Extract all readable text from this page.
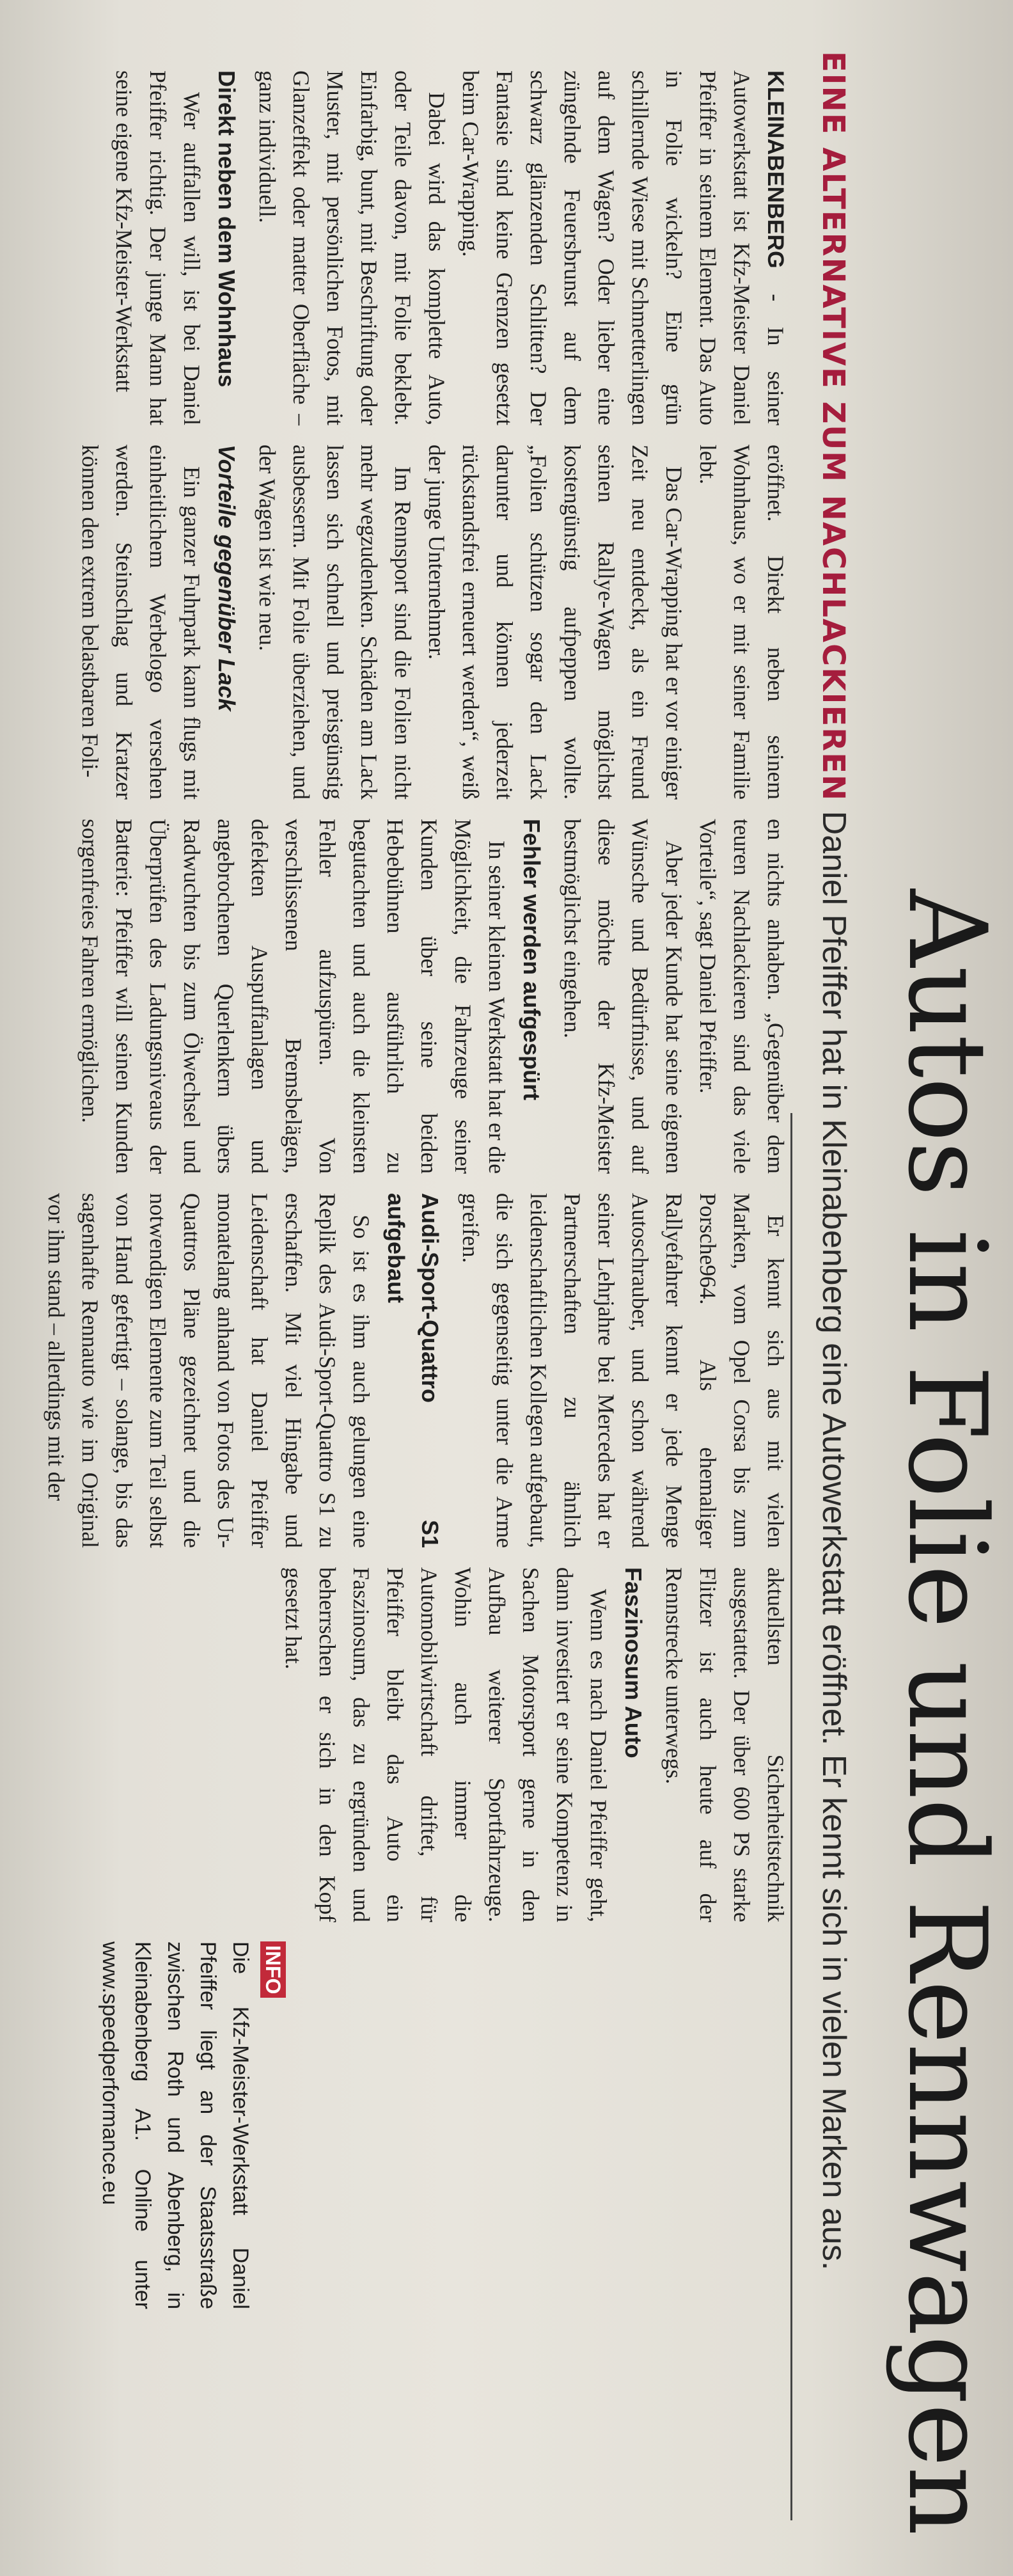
Autos in Folie und Rennwagen
EINE ALTERNATIVE ZUM NACHLACKIEREN Daniel Pfeiffer hat in Kleinabenberg eine Autowerkstatt eröffnet. Er kennt sich in vielen Marken aus.

KLEINABENBERG - In seiner Autowerkstatt ist Kfz-Meister Daniel Pfeiffer in seinem Element. Das Auto in Folie wickeln? Eine grün schillernde Wiese mit Schmetterlingen auf dem Wagen? Oder lieber eine züngelnde Feuersbrunst auf dem schwarz glänzenden Schlitten? Der Fantasie sind keine Grenzen gesetzt beim Car-Wrapping.

Dabei wird das komplette Auto, oder Teile davon, mit Folie beklebt. Einfarbig, bunt, mit Beschriftung oder Muster, mit persönlichen Fotos, mit Glanzeffekt oder matter Oberfläche – ganz individuell.

Direkt neben dem Wohnhaus

Wer auffallen will, ist bei Daniel Pfeiffer richtig. Der junge Mann hat seine eigene Kfz-Meister-Werkstatt

eröffnet. Direkt neben seinem Wohnhaus, wo er mit seiner Familie lebt.

Das Car-Wrapping hat er vor einiger Zeit neu entdeckt, als ein Freund seinen Rallye-Wagen möglichst kostengünstig aufpeppen wollte. „Folien schützen sogar den Lack darunter und können jederzeit rückstandsfrei erneuert werden“, weiß der junge Unternehmer.

Im Rennsport sind die Folien nicht mehr wegzudenken. Schäden am Lack lassen sich schnell und preisgünstig ausbessern. Mit Folie überziehen, und der Wagen ist wie neu.

Vorteile gegenüber Lack

Ein ganzer Fuhrpark kann flugs mit einheitlichem Werbelogo versehen werden. Steinschlag und Kratzer können den extrem belastbaren Foli-

en nichts anhaben. „Gegenüber dem teuren Nachlackieren sind das viele Vorteile“, sagt Daniel Pfeiffer.

Aber jeder Kunde hat seine eigenen Wünsche und Bedürfnisse, und auf diese möchte der Kfz-Meister bestmöglichst eingehen.

Fehler werden aufgespürt

In seiner kleinen Werkstatt hat er die Möglichkeit, die Fahrzeuge seiner Kunden über seine beiden Hebebühnen ausführlich zu begutachten und auch die kleinsten Fehler aufzuspüren. Von verschlissenen Bremsbelägen, defekten Auspuffanlagen und angebrochenen Querlenkern übers Radwuchten bis zum Ölwechsel und Überprüfen des Ladungsniveaus der Batterie: Pfeiffer will seinen Kunden sorgenfreies Fahren ermöglichen.

Er kennt sich aus mit vielen Marken, vom Opel Corsa bis zum Porsche964. Als ehemaliger Rallyefahrer kennt er jede Menge Autoschrauber, und schon während seiner Lehrjahre bei Mercedes hat er Partnerschaften zu ähnlich leidenschaftlichen Kollegen aufgebaut, die sich gegenseitig unter die Arme greifen.

Audi-Sport-Quattro S1 aufgebaut

So ist es ihm auch gelungen eine Replik des Audi-Sport-Quattro S1 zu erschaffen. Mit viel Hingabe und Leidenschaft hat Daniel Pfeiffer monatelang anhand von Fotos des Ur-Quattros Pläne gezeichnet und die notwendigen Elemente zum Teil selbst von Hand gefertigt – solange, bis das sagenhafte Rennauto wie im Original vor ihm stand – allerdings mit der

aktuellsten Sicherheitstechnik ausgestattet. Der über 600 PS starke Flitzer ist auch heute auf der Rennstrecke unterwegs.

Faszinosum Auto

Wenn es nach Daniel Pfeiffer geht, dann investiert er seine Kompetenz in Sachen Motorsport gerne in den Aufbau weiterer Sportfahrzeuge. Wohin auch immer die Automobilwirtschaft driftet, für Pfeiffer bleibt das Auto ein Faszinosum, das zu ergründen und beherrschen er sich in den Kopf gesetzt hat.

INFO
Die Kfz-Meister-Werkstatt Daniel Pfeiffer liegt an der Staatsstraße zwischen Roth und Abenberg, in Kleinabenberg A1. Online unter www.speedperformance.eu
